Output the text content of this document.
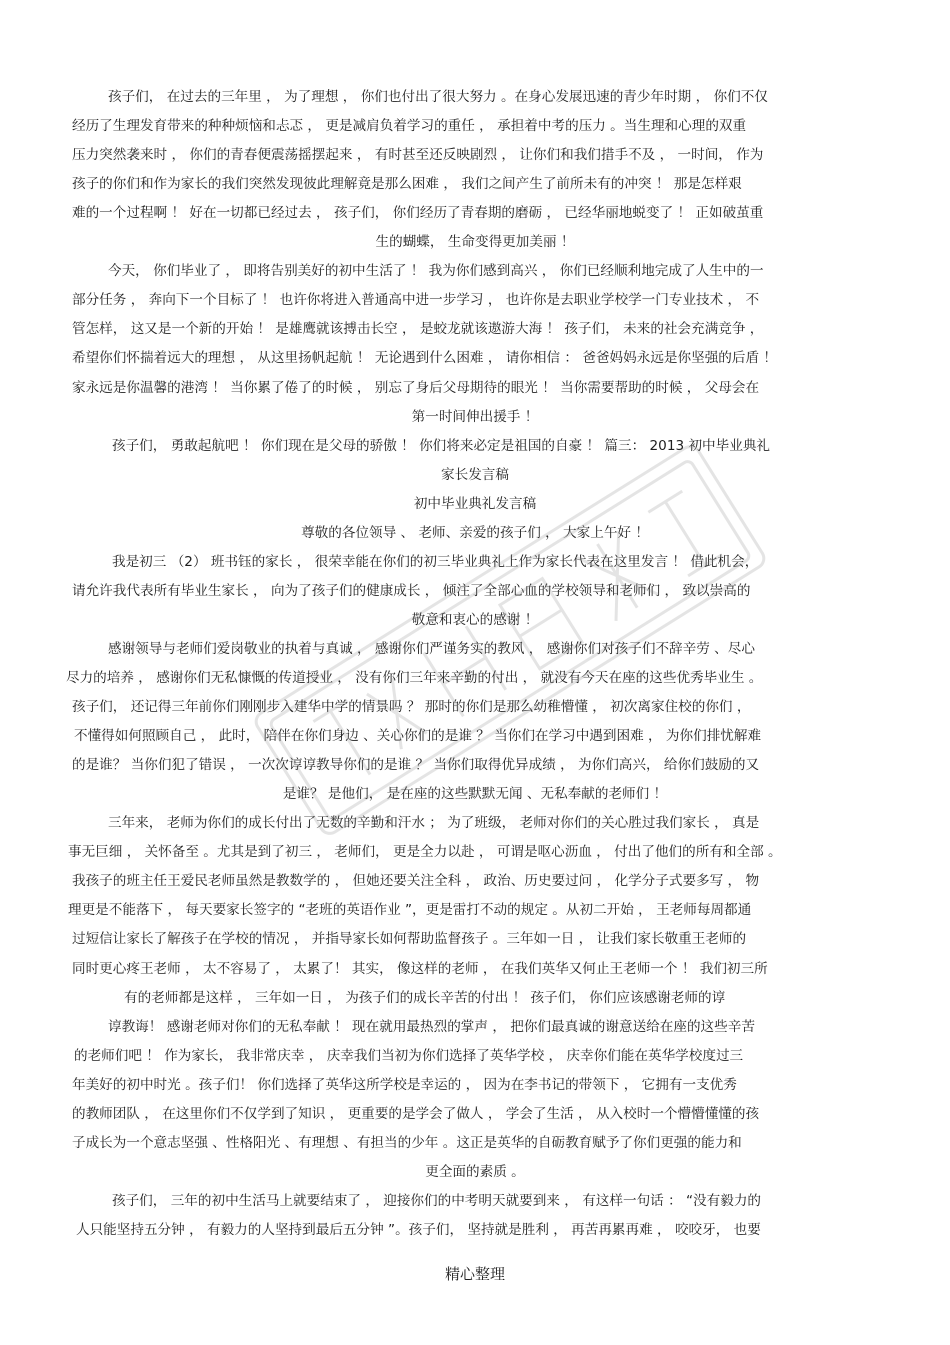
孩子们， 在过去的三年里 ， 为了理想 ， 你们也付出了很大努力 。在身心发展迅速的青少年时期 ， 你们不仅
经历了生理发育带来的种种烦恼和忐忑 ， 更是减肩负着学习的重任 ， 承担着中考的压力 。当生理和心理的双重
压力突然袭来时 ， 你们的青春便震荡摇摆起来 ， 有时甚至还反映剧烈 ， 让你们和我们措手不及 ， 一时间， 作为
孩子的你们和作为家长的我们突然发现彼此理解竟是那么困难 ， 我们之间产生了前所未有的冲突 ！ 那是怎样艰
难的一个过程啊 ！ 好在一切都已经过去 ， 孩子们， 你们经历了青春期的磨砺 ， 已经华丽地蜕变了 ！ 正如破茧重
生的蝴蝶， 生命变得更加美丽 ！
今天， 你们毕业了 ， 即将告别美好的初中生活了 ！ 我为你们感到高兴 ， 你们已经顺利地完成了人生中的一
部分任务 ， 奔向下一个目标了 ！ 也许你将进入普通高中进一步学习 ， 也许你是去职业学校学一门专业技术 ， 不
管怎样， 这又是一个新的开始 ！ 是雄鹰就该搏击长空 ， 是蛟龙就该遨游大海 ！ 孩子们， 未来的社会充满竞争 ，
希望你们怀揣着远大的理想 ， 从这里扬帆起航 ！ 无论遇到什么困难 ， 请你相信 ： 爸爸妈妈永远是你坚强的后盾 ！
家永远是你温馨的港湾 ！ 当你累了倦了的时候 ， 别忘了身后父母期待的眼光 ！ 当你需要帮助的时候 ， 父母会在
第一时间伸出援手 ！
孩子们， 勇敢起航吧 ！ 你们现在是父母的骄傲 ！ 你们将来必定是祖国的自豪 ！ 篇三： 2013 初中毕业典礼
家长发言稿
初中毕业典礼发言稿
尊敬的各位领导 、 老师、亲爱的孩子们 ， 大家上午好 ！
我是初三 （2） 班书钰的家长 ， 很荣幸能在你们的初三毕业典礼上作为家长代表在这里发言 ！ 借此机会，
请允许我代表所有毕业生家长 ， 向为了孩子们的健康成长 ， 倾注了全部心血的学校领导和老师们 ， 致以崇高的
敬意和衷心的感谢 ！
感谢领导与老师们爱岗敬业的执着与真诚 ， 感谢你们严谨务实的教风 ， 感谢你们对孩子们不辞辛劳 、尽心
尽力的培养 ， 感谢你们无私慷慨的传道授业 ， 没有你们三年来辛勤的付出 ， 就没有今天在座的这些优秀毕业生 。
孩子们， 还记得三年前你们刚刚步入建华中学的情景吗 ？ 那时的你们是那么幼稚懵懂 ， 初次离家住校的你们 ，
不懂得如何照顾自己 ， 此时， 陪伴在你们身边 、关心你们的是谁 ？ 当你们在学习中遇到困难 ， 为你们排忧解难
的是谁？ 当你们犯了错误 ， 一次次谆谆教导你们的是谁 ？ 当你们取得优异成绩 ， 为你们高兴， 给你们鼓励的又
是谁？ 是他们， 是在座的这些默默无闻 、无私奉献的老师们 ！
三年来， 老师为你们的成长付出了无数的辛勤和汗水 ； 为了班级， 老师对你们的关心胜过我们家长 ， 真是
事无巨细 ， 关怀备至 。尤其是到了初三 ， 老师们， 更是全力以赴 ， 可谓是呕心沥血 ， 付出了他们的所有和全部 。
我孩子的班主任王爱民老师虽然是教数学的 ， 但她还要关注全科 ， 政治、历史要过问 ， 化学分子式要多写 ， 物
理更是不能落下 ， 每天要家长签字的 “老班的英语作业 ”，更是雷打不动的规定 。从初二开始 ， 王老师每周都通
过短信让家长了解孩子在学校的情况 ， 并指导家长如何帮助监督孩子 。三年如一日 ， 让我们家长敬重王老师的
同时更心疼王老师 ， 太不容易了 ， 太累了！ 其实， 像这样的老师 ， 在我们英华又何止王老师一个 ！ 我们初三所
有的老师都是这样 ， 三年如一日 ， 为孩子们的成长辛苦的付出 ！ 孩子们， 你们应该感谢老师的谆
谆教诲！ 感谢老师对你们的无私奉献 ！ 现在就用最热烈的掌声 ， 把你们最真诚的谢意送给在座的这些辛苦
的老师们吧 ！ 作为家长， 我非常庆幸 ， 庆幸我们当初为你们选择了英华学校 ， 庆幸你们能在英华学校度过三
年美好的初中时光 。孩子们！ 你们选择了英华这所学校是幸运的 ， 因为在李书记的带领下 ， 它拥有一支优秀
的教师团队 ， 在这里你们不仅学到了知识 ， 更重要的是学会了做人 ， 学会了生活 ， 从入校时一个懵懵懂懂的孩
子成长为一个意志坚强 、性格阳光 、有理想 、有担当的少年 。这正是英华的自砺教育赋予了你们更强的能力和
更全面的素质 。
孩子们， 三年的初中生活马上就要结束了 ， 迎接你们的中考明天就要到来 ， 有这样一句话 ： “没有毅力的
人只能坚持五分钟 ， 有毅力的人坚持到最后五分钟 ”。孩子们， 坚持就是胜利 ， 再苦再累再难 ， 咬咬牙， 也要
精心整理
